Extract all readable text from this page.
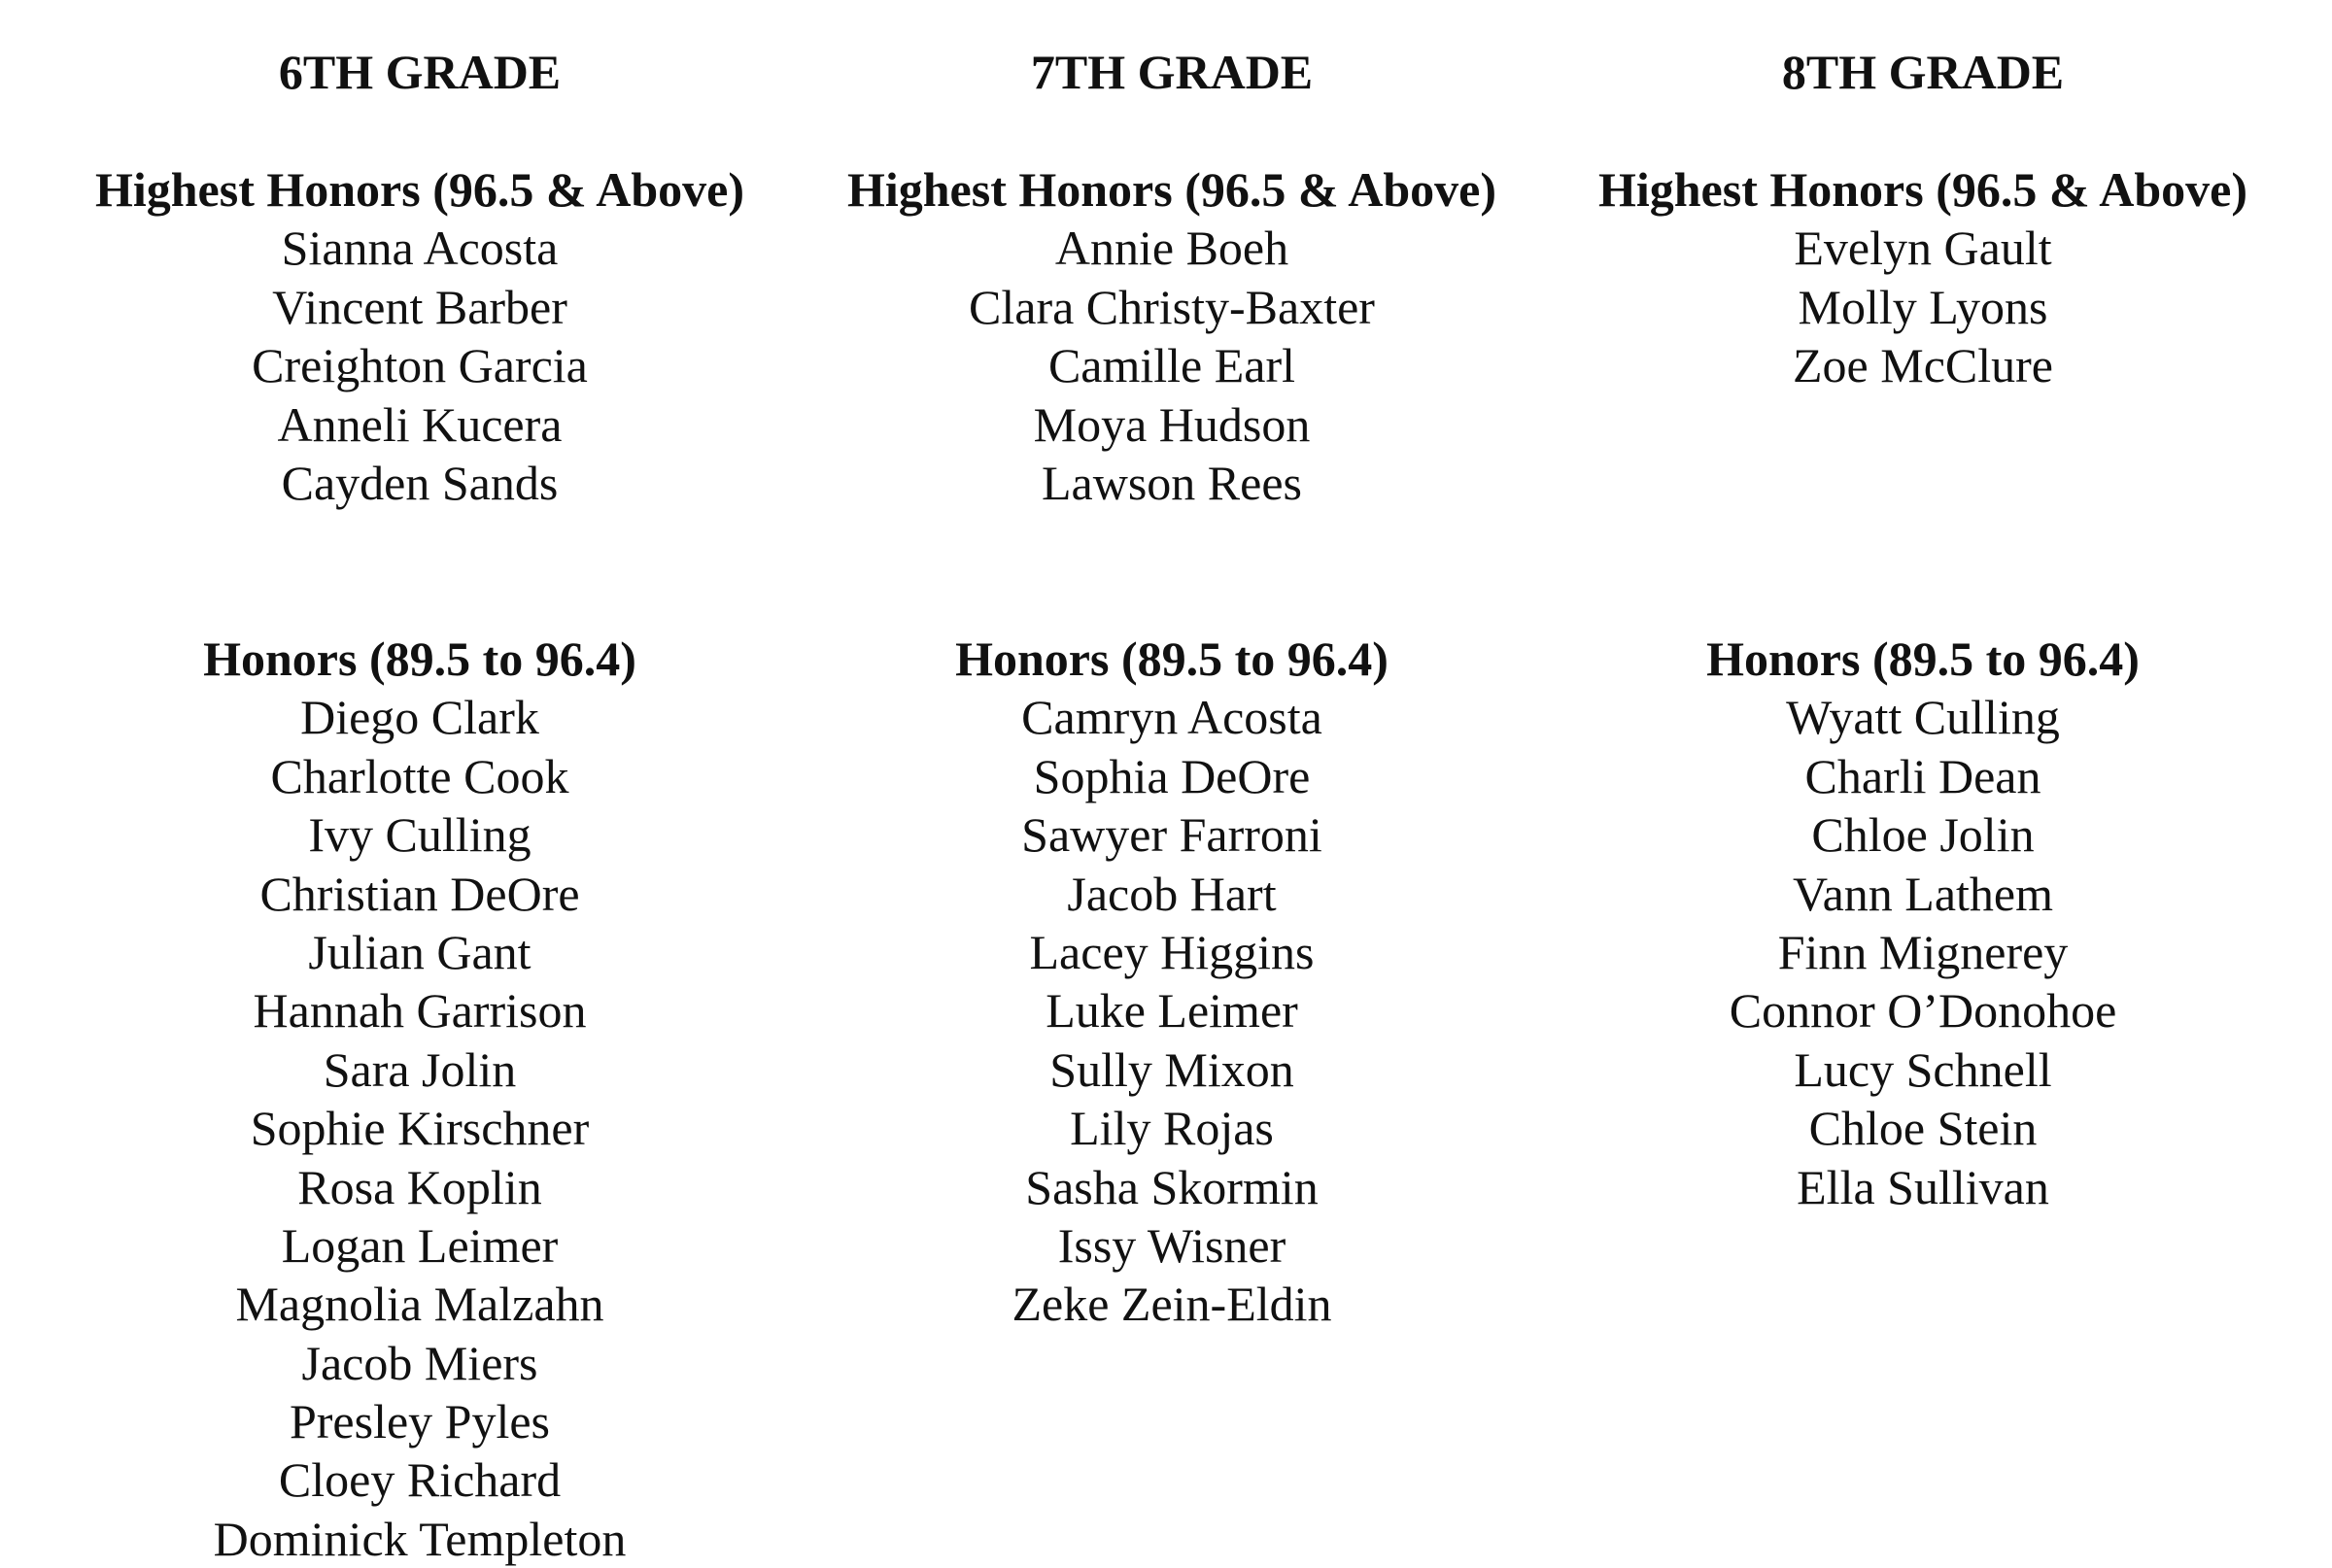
6TH GRADE
Highest Honors (96.5 & Above)
Sianna Acosta
Vincent Barber
Creighton Garcia
Anneli Kucera
Cayden Sands
Honors (89.5 to 96.4)
Diego Clark
Charlotte Cook
Ivy Culling
Christian DeOre
Julian Gant
Hannah Garrison
Sara Jolin
Sophie Kirschner
Rosa Koplin
Logan Leimer
Magnolia Malzahn
Jacob Miers
Presley Pyles
Cloey Richard
Dominick Templeton
7TH GRADE
Highest Honors (96.5 & Above)
Annie Boeh
Clara Christy-Baxter
Camille Earl
Moya Hudson
Lawson Rees
Honors (89.5 to 96.4)
Camryn Acosta
Sophia DeOre
Sawyer Farroni
Jacob Hart
Lacey Higgins
Luke Leimer
Sully Mixon
Lily Rojas
Sasha Skormin
Issy Wisner
Zeke Zein-Eldin
8TH GRADE
Highest Honors (96.5 & Above)
Evelyn Gault
Molly Lyons
Zoe McClure
Honors (89.5 to 96.4)
Wyatt Culling
Charli Dean
Chloe Jolin
Vann Lathem
Finn Mignerey
Connor O’Donohoe
Lucy Schnell
Chloe Stein
Ella Sullivan
